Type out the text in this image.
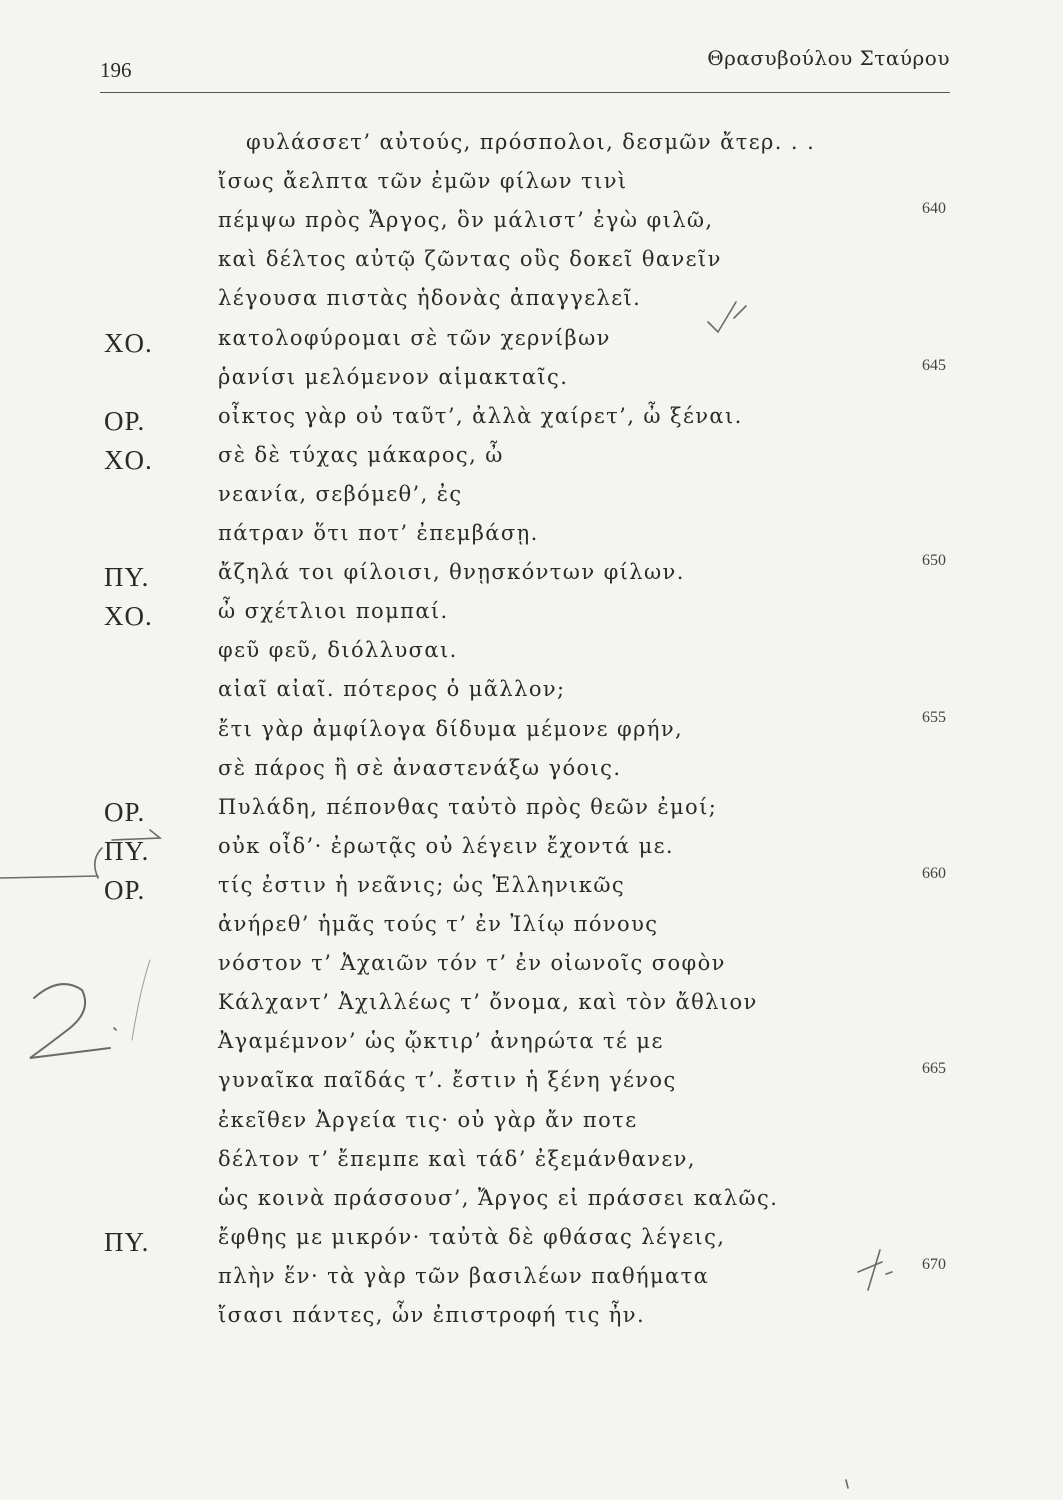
196	Θρασυβούλου Σταύρου
φυλάσσετ’ αὐτούς, πρόσπολοι, δεσμῶν ἄτερ. . .
ἴσως ἄελπτα τῶν ἐμῶν φίλων τινὶ
πέμψω πρὸς Ἄργος, ὃν μάλιστ’ ἐγὼ φιλῶ,	640
καὶ δέλτος αὐτῷ ζῶντας οὓς δοκεῖ θανεῖν
λέγουσα πιστὰς ἡδονὰς ἀπαγγελεῖ.
ΧΟ.	κατολοφύρομαι σὲ τῶν χερνίβων
ῥανίσι μελόμενον αἱμακταῖς.	645
ΟΡ.	οἶκτος γὰρ οὐ ταῦτ’, ἀλλὰ χαίρετ’, ὦ ξέναι.
ΧΟ.	σὲ δὲ τύχας μάκαρος, ὦ
νεανία, σεβόμεθ’, ἐς
πάτραν ὅτι ποτ’ ἐπεμβάσῃ.
ΠΥ.	ἄζηλά τοι φίλοισι, θνῃσκόντων φίλων.	650
ΧΟ.	ὦ σχέτλιοι πομπαί.
φεῦ φεῦ, διόλλυσαι.
αἰαῖ αἰαῖ. πότερος ὁ μᾶλλον;
ἔτι γὰρ ἀμφίλογα δίδυμα μέμονε φρήν,	655
σὲ πάρος ἢ σὲ ἀναστενάξω γόοις.
ΟΡ.	Πυλάδη, πέπονθας ταὐτὸ πρὸς θεῶν ἐμοί;
ΠΥ.	οὐκ οἶδ’· ἐρωτᾷς οὐ λέγειν ἔχοντά με.
ΟΡ.	τίς ἐστιν ἡ νεᾶνις; ὡς Ἑλληνικῶς	660
ἀνήρεθ’ ἡμᾶς τούς τ’ ἐν Ἰλίῳ πόνους
νόστον τ’ Ἀχαιῶν τόν τ’ ἐν οἰωνοῖς σοφὸν
Κάλχαντ’ Ἀχιλλέως τ’ ὄνομα, καὶ τὸν ἄθλιον
Ἀγαμέμνον’ ὡς ᾤκτιρ’ ἀνηρώτα τέ με
γυναῖκα παῖδάς τ’. ἔστιν ἡ ξένη γένος	665
ἐκεῖθεν Ἀργεία τις· οὐ γὰρ ἄν ποτε
δέλτον τ’ ἔπεμπε καὶ τάδ’ ἐξεμάνθανεν,
ὡς κοινὰ πράσσουσ’, Ἄργος εἰ πράσσει καλῶς.
ΠΥ.	ἔφθης με μικρόν· ταὐτὰ δὲ φθάσας λέγεις,
πλὴν ἕν· τὰ γὰρ τῶν βασιλέων παθήματα	670
ἴσασι πάντες, ὧν ἐπιστροφή τις ἦν.
